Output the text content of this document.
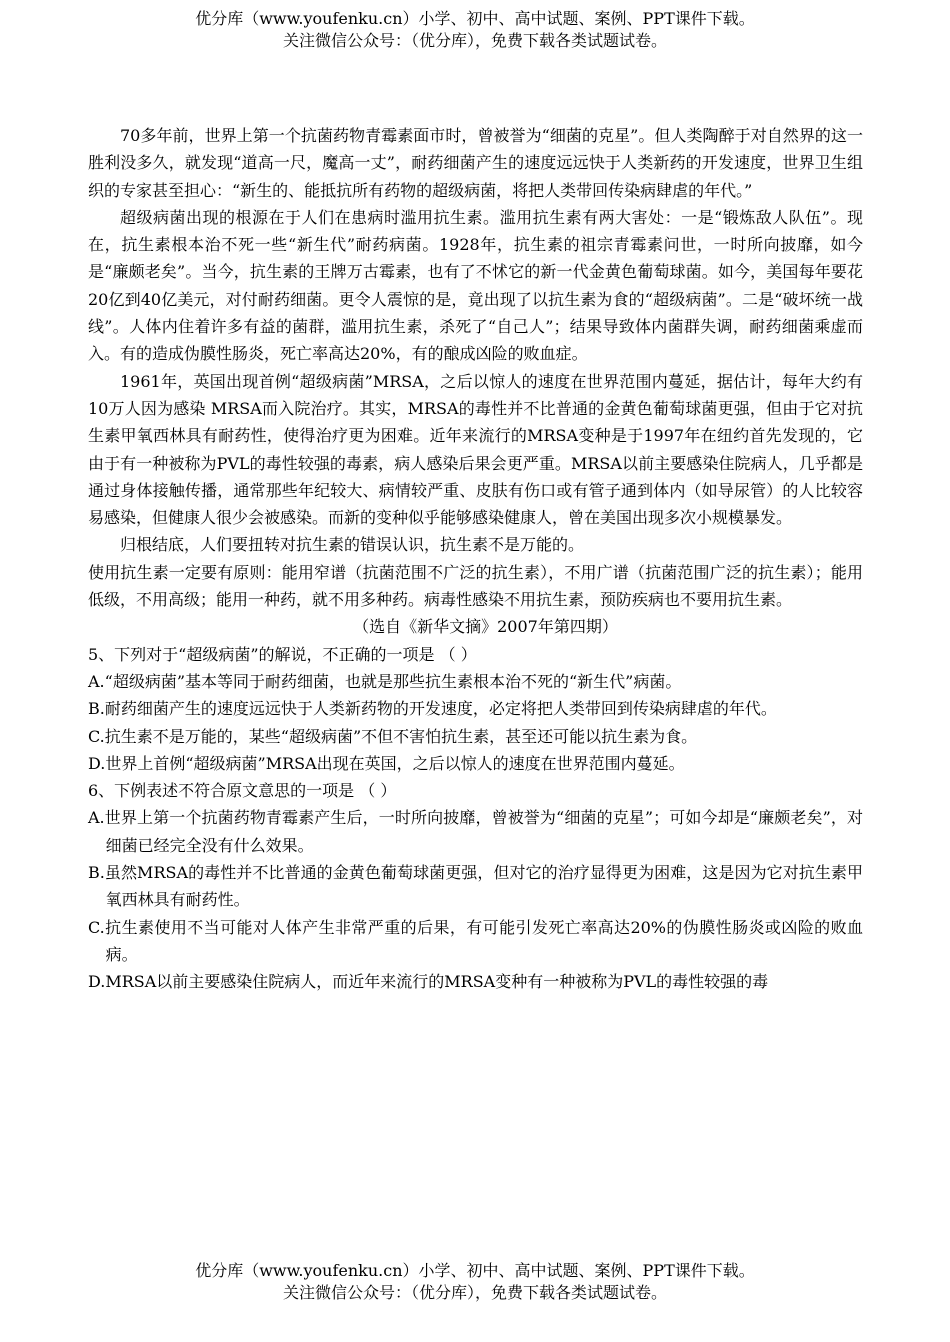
优分库（www.youfenku.cn）小学、初中、高中试题、案例、PPT课件下载。
关注微信公众号：（优分库），免费下载各类试题试卷。

70多年前，世界上第一个抗菌药物青霉素面市时，曾被誉为“细菌的克星”。但人类陶醉于对自然界的这一胜利没多久，就发现“道高一尺，魔高一丈”，耐药细菌产生的速度远远快于人类新药的开发速度，世界卫生组织的专家甚至担心：“新生的、能抵抗所有药物的超级病菌，将把人类带回传染病肆虐的年代。”

超级病菌出现的根源在于人们在患病时滥用抗生素。滥用抗生素有两大害处：一是“锻炼敌人队伍”。现在，抗生素根本治不死一些“新生代”耐药病菌。1928年，抗生素的祖宗青霉素问世，一时所向披靡，如今是“廉颇老矣”。当今，抗生素的王牌万古霉素，也有了不怵它的新一代金黄色葡萄球菌。如今，美国每年要花20亿到40亿美元，对付耐药细菌。更令人震惊的是，竟出现了以抗生素为食的“超级病菌”。二是“破坏统一战线”。人体内住着许多有益的菌群，滥用抗生素，杀死了“自己人”；结果导致体内菌群失调，耐药细菌乘虚而入。有的造成伪膜性肠炎，死亡率高达20%，有的酿成凶险的败血症。

1961年，英国出现首例“超级病菌”MRSA，之后以惊人的速度在世界范围内蔓延，据估计，每年大约有10万人因为感染 MRSA而入院治疗。其实，MRSA的毒性并不比普通的金黄色葡萄球菌更强，但由于它对抗生素甲氧西林具有耐药性，使得治疗更为困难。近年来流行的MRSA变种是于1997年在纽约首先发现的，它由于有一种被称为PVL的毒性较强的毒素，病人感染后果会更严重。MRSA以前主要感染住院病人，几乎都是通过身体接触传播，通常那些年纪较大、病情较严重、皮肤有伤口或有管子通到体内（如导尿管）的人比较容易感染，但健康人很少会被感染。而新的变种似乎能够感染健康人，曾在美国出现多次小规模暴发。

归根结底，人们要扭转对抗生素的错误认识，抗生素不是万能的。

使用抗生素一定要有原则：能用窄谱（抗菌范围不广泛的抗生素），不用广谱（抗菌范围广泛的抗生素）；能用低级，不用高级；能用一种药，就不用多种药。病毒性感染不用抗生素，预防疾病也不要用抗生素。

（选自《新华文摘》2007年第四期）

5、下列对于“超级病菌”的解说，不正确的一项是 （ ）

A.“超级病菌”基本等同于耐药细菌，也就是那些抗生素根本治不死的“新生代”病菌。

B.耐药细菌产生的速度远远快于人类新药物的开发速度，必定将把人类带回到传染病肆虐的年代。

C.抗生素不是万能的，某些“超级病菌”不但不害怕抗生素，甚至还可能以抗生素为食。

D.世界上首例“超级病菌”MRSA出现在英国，之后以惊人的速度在世界范围内蔓延。

6、下例表述不符合原文意思的一项是 （ ）

A.世界上第一个抗菌药物青霉素产生后，一时所向披靡，曾被誉为“细菌的克星”；可如今却是“廉颇老矣”，对细菌已经完全没有什么效果。

B.虽然MRSA的毒性并不比普通的金黄色葡萄球菌更强，但对它的治疗显得更为困难，这是因为它对抗生素甲氧西林具有耐药性。

C.抗生素使用不当可能对人体产生非常严重的后果，有可能引发死亡率高达20%的伪膜性肠炎或凶险的败血病。

D.MRSA以前主要感染住院病人，而近年来流行的MRSA变种有一种被称为PVL的毒性较强的毒

优分库（www.youfenku.cn）小学、初中、高中试题、案例、PPT课件下载。
关注微信公众号：（优分库），免费下载各类试题试卷。
